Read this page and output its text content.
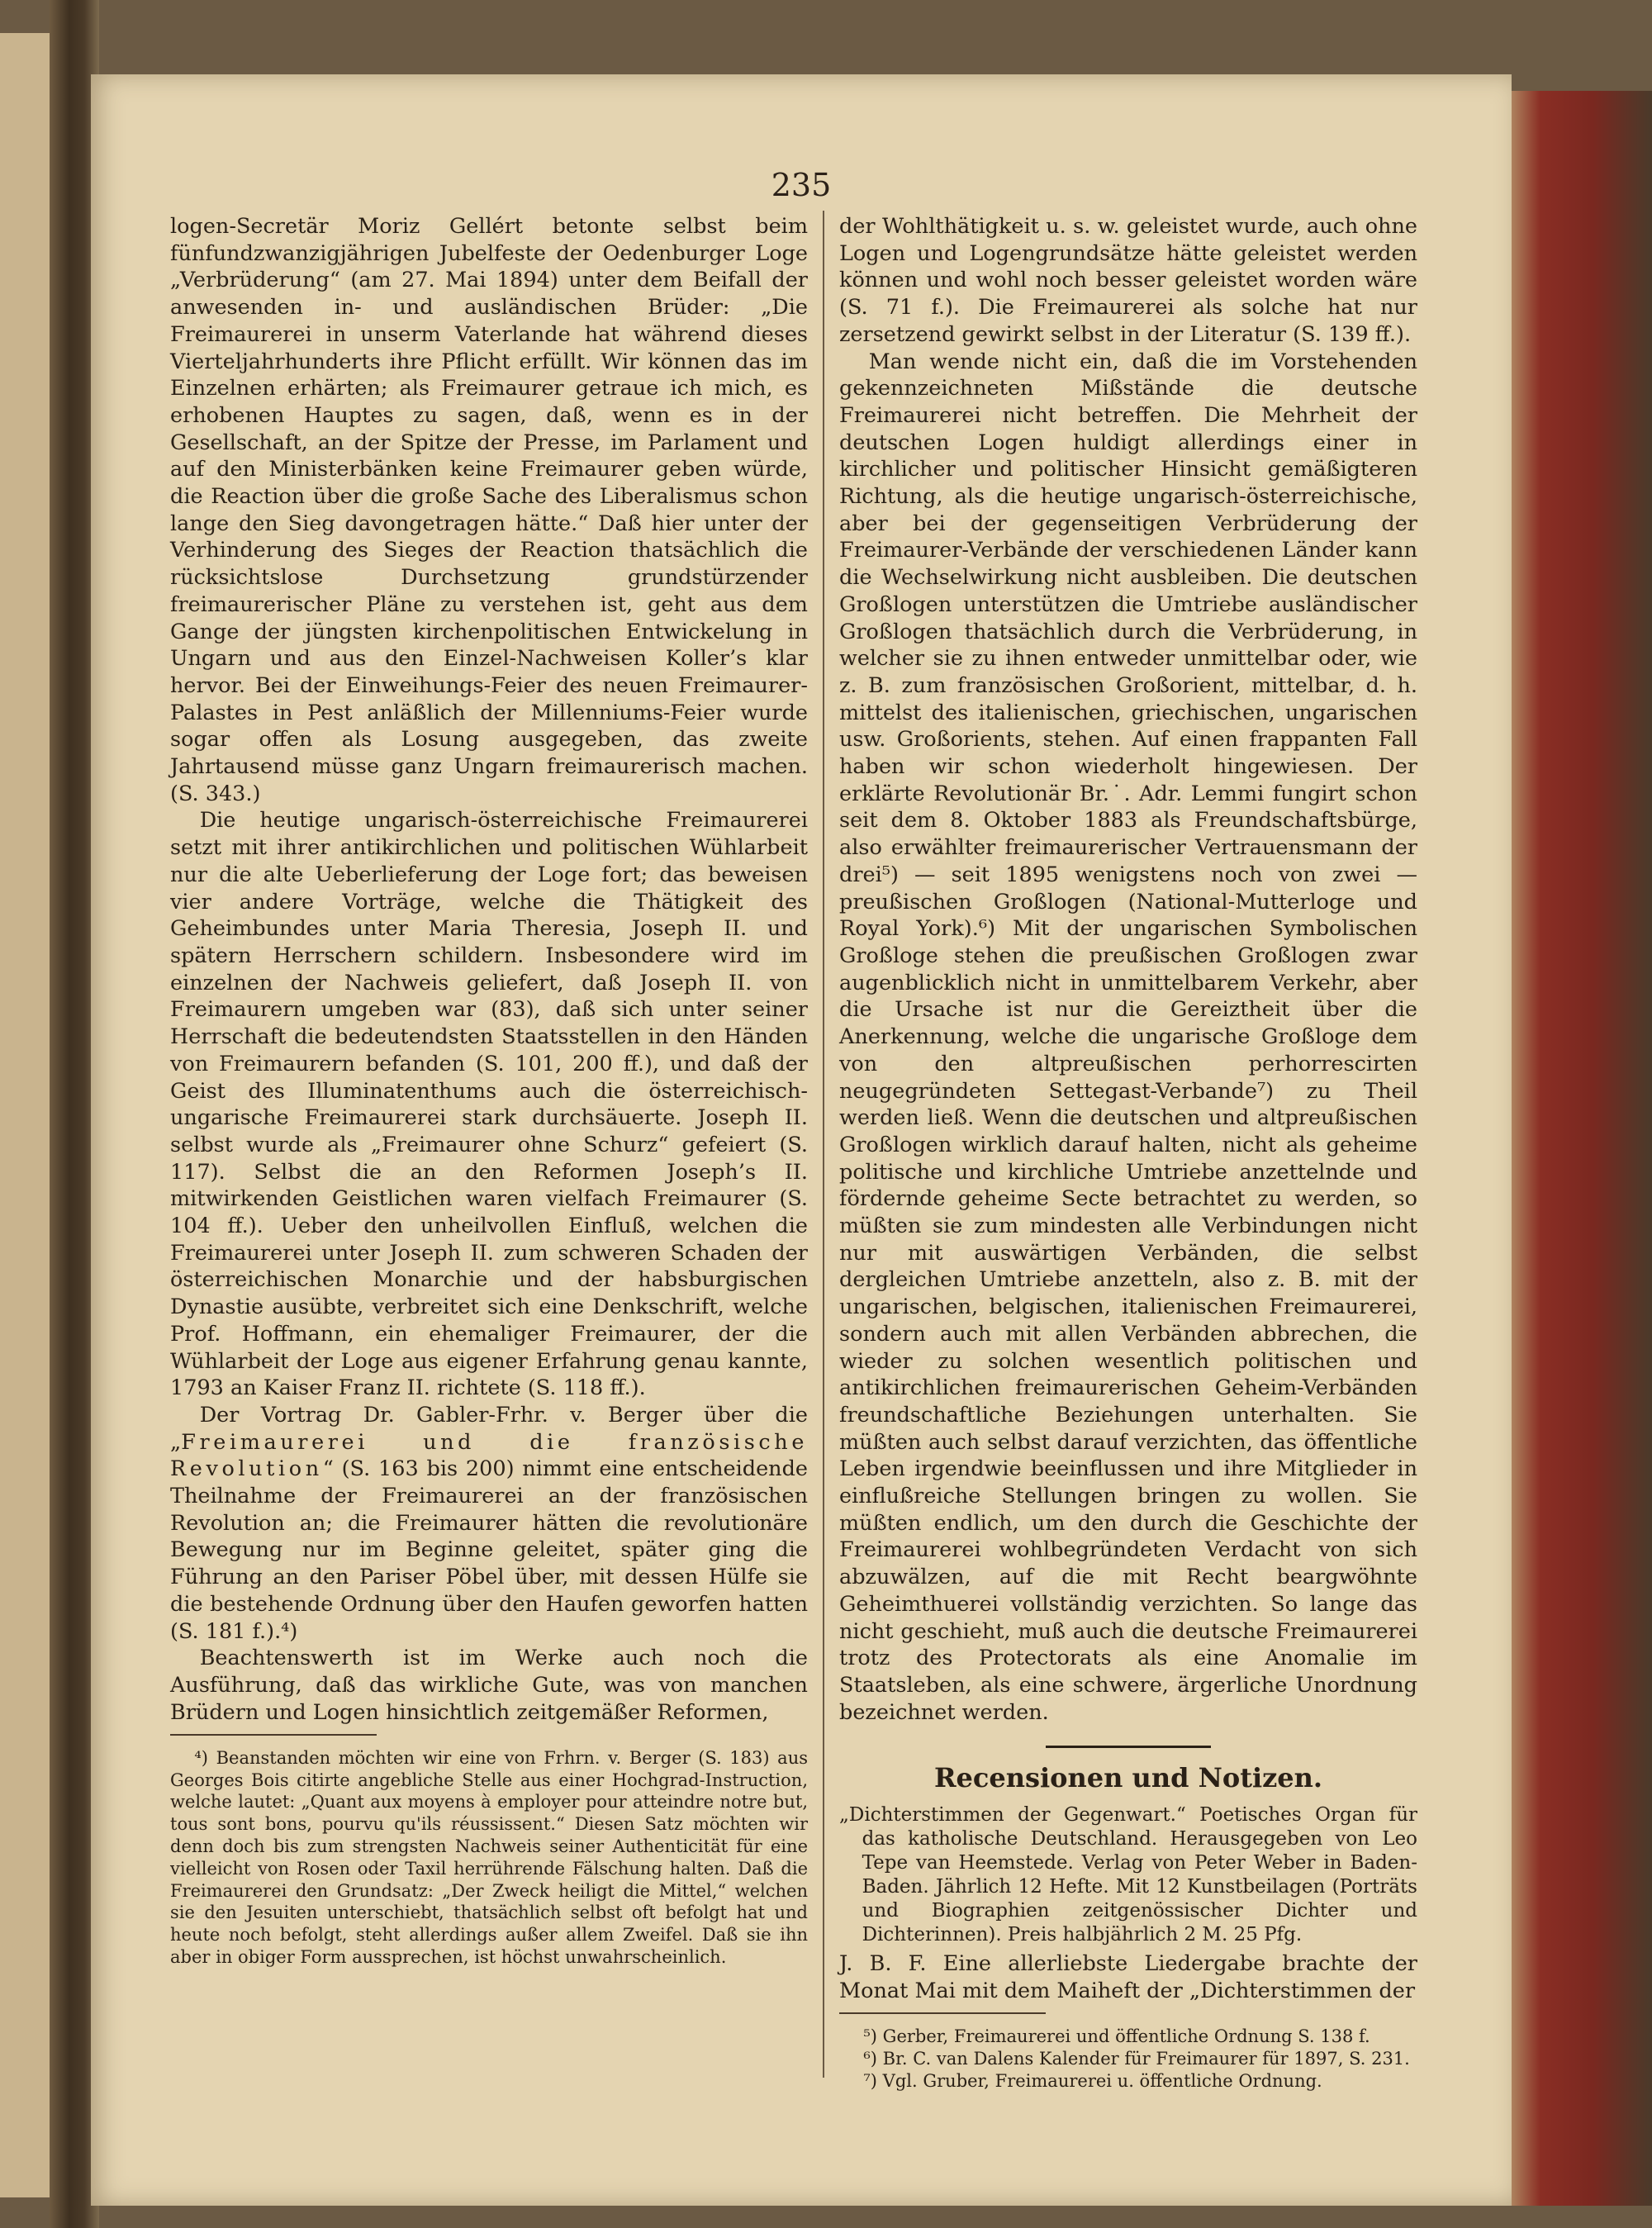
235

logen-Secretär Moriz Gellért betonte selbst beim fünfundzwanzigjährigen Jubelfeste der Oedenburger Loge „Verbrüderung“ (am 27. Mai 1894) unter dem Beifall der anwesenden in- und ausländischen Brüder: „Die Freimaurerei in unserm Vaterlande hat während dieses Vierteljahrhunderts ihre Pflicht erfüllt. Wir können das im Einzelnen erhärten; als Freimaurer getraue ich mich, es erhobenen Hauptes zu sagen, daß, wenn es in der Gesellschaft, an der Spitze der Presse, im Parlament und auf den Ministerbänken keine Freimaurer geben würde, die Reaction über die große Sache des Liberalismus schon lange den Sieg davongetragen hätte.“ Daß hier unter der Verhinderung des Sieges der Reaction thatsächlich die rücksichtslose Durchsetzung grundstürzender freimaurerischer Pläne zu verstehen ist, geht aus dem Gange der jüngsten kirchenpolitischen Entwickelung in Ungarn und aus den Einzel-Nachweisen Koller’s klar hervor. Bei der Einweihungs-Feier des neuen Freimaurer-Palastes in Pest anläßlich der Millenniums-Feier wurde sogar offen als Losung ausgegeben, das zweite Jahrtausend müsse ganz Ungarn freimaurerisch machen. (S. 343.)

Die heutige ungarisch-österreichische Freimaurerei setzt mit ihrer antikirchlichen und politischen Wühlarbeit nur die alte Ueberlieferung der Loge fort; das beweisen vier andere Vorträge, welche die Thätigkeit des Geheimbundes unter Maria Theresia, Joseph II. und spätern Herrschern schildern. Insbesondere wird im einzelnen der Nachweis geliefert, daß Joseph II. von Freimaurern umgeben war (83), daß sich unter seiner Herrschaft die bedeutendsten Staatsstellen in den Händen von Freimaurern befanden (S. 101, 200 ff.), und daß der Geist des Illuminatenthums auch die österreichisch-ungarische Freimaurerei stark durchsäuerte. Joseph II. selbst wurde als „Freimaurer ohne Schurz“ gefeiert (S. 117). Selbst die an den Reformen Joseph’s II. mitwirkenden Geistlichen waren vielfach Freimaurer (S. 104 ff.). Ueber den unheilvollen Einfluß, welchen die Freimaurerei unter Joseph II. zum schweren Schaden der österreichischen Monarchie und der habsburgischen Dynastie ausübte, verbreitet sich eine Denkschrift, welche Prof. Hoffmann, ein ehemaliger Freimaurer, der die Wühlarbeit der Loge aus eigener Erfahrung genau kannte, 1793 an Kaiser Franz II. richtete (S. 118 ff.).

Der Vortrag Dr. Gabler-Frhr. v. Berger über die „Freimaurerei und die französische Revolution“ (S. 163 bis 200) nimmt eine entscheidende Theilnahme der Freimaurerei an der französischen Revolution an; die Freimaurer hätten die revolutionäre Bewegung nur im Beginne geleitet, später ging die Führung an den Pariser Pöbel über, mit dessen Hülfe sie die bestehende Ordnung über den Haufen geworfen hatten (S. 181 f.).⁴)

Beachtenswerth ist im Werke auch noch die Ausführung, daß das wirkliche Gute, was von manchen Brüdern und Logen hinsichtlich zeitgemäßer Reformen,

⁴) Beanstanden möchten wir eine von Frhrn. v. Berger (S. 183) aus Georges Bois citirte angebliche Stelle aus einer Hochgrad-Instruction, welche lautet: „Quant aux moyens à employer pour atteindre notre but, tous sont bons, pourvu qu'ils réussissent.“ Diesen Satz möchten wir denn doch bis zum strengsten Nachweis seiner Authenticität für eine vielleicht von Rosen oder Taxil herrührende Fälschung halten. Daß die Freimaurerei den Grundsatz: „Der Zweck heiligt die Mittel,“ welchen sie den Jesuiten unterschiebt, thatsächlich selbst oft befolgt hat und heute noch befolgt, steht allerdings außer allem Zweifel. Daß sie ihn aber in obiger Form aussprechen, ist höchst unwahrscheinlich.

der Wohlthätigkeit u. s. w. geleistet wurde, auch ohne Logen und Logengrundsätze hätte geleistet werden können und wohl noch besser geleistet worden wäre (S. 71 f.). Die Freimaurerei als solche hat nur zersetzend gewirkt selbst in der Literatur (S. 139 ff.).

Man wende nicht ein, daß die im Vorstehenden gekennzeichneten Mißstände die deutsche Freimaurerei nicht betreffen. Die Mehrheit der deutschen Logen huldigt allerdings einer in kirchlicher und politischer Hinsicht gemäßigteren Richtung, als die heutige ungarisch-österreichische, aber bei der gegenseitigen Verbrüderung der Freimaurer-Verbände der verschiedenen Länder kann die Wechselwirkung nicht ausbleiben. Die deutschen Großlogen unterstützen die Umtriebe ausländischer Großlogen thatsächlich durch die Verbrüderung, in welcher sie zu ihnen entweder unmittelbar oder, wie z. B. zum französischen Großorient, mittelbar, d. h. mittelst des italienischen, griechischen, ungarischen usw. Großorients, stehen. Auf einen frappanten Fall haben wir schon wiederholt hingewiesen. Der erklärte Revolutionär Br.˙. Adr. Lemmi fungirt schon seit dem 8. Oktober 1883 als Freundschaftsbürge, also erwählter freimaurerischer Vertrauensmann der drei⁵) — seit 1895 wenigstens noch von zwei — preußischen Großlogen (National-Mutterloge und Royal York).⁶) Mit der ungarischen Symbolischen Großloge stehen die preußischen Großlogen zwar augenblicklich nicht in unmittelbarem Verkehr, aber die Ursache ist nur die Gereiztheit über die Anerkennung, welche die ungarische Großloge dem von den altpreußischen perhorrescirten neugegründeten Settegast-Verbande⁷) zu Theil werden ließ. Wenn die deutschen und altpreußischen Großlogen wirklich darauf halten, nicht als geheime politische und kirchliche Umtriebe anzettelnde und fördernde geheime Secte betrachtet zu werden, so müßten sie zum mindesten alle Verbindungen nicht nur mit auswärtigen Verbänden, die selbst dergleichen Umtriebe anzetteln, also z. B. mit der ungarischen, belgischen, italienischen Freimaurerei, sondern auch mit allen Verbänden abbrechen, die wieder zu solchen wesentlich politischen und antikirchlichen freimaurerischen Geheim-Verbänden freundschaftliche Beziehungen unterhalten. Sie müßten auch selbst darauf verzichten, das öffentliche Leben irgendwie beeinflussen und ihre Mitglieder in einflußreiche Stellungen bringen zu wollen. Sie müßten endlich, um den durch die Geschichte der Freimaurerei wohlbegründeten Verdacht von sich abzuwälzen, auf die mit Recht beargwöhnte Geheimthuerei vollständig verzichten. So lange das nicht geschieht, muß auch die deutsche Freimaurerei trotz des Protectorats als eine Anomalie im Staatsleben, als eine schwere, ärgerliche Unordnung bezeichnet werden.

Recensionen und Notizen.

„Dichterstimmen der Gegenwart.“ Poetisches Organ für das katholische Deutschland. Herausgegeben von Leo Tepe van Heemstede. Verlag von Peter Weber in Baden-Baden. Jährlich 12 Hefte. Mit 12 Kunstbeilagen (Porträts und Biographien zeitgenössischer Dichter und Dichterinnen). Preis halbjährlich 2 M. 25 Pfg.

J. B. F. Eine allerliebste Liedergabe brachte der Monat Mai mit dem Maiheft der „Dichterstimmen der

⁵) Gerber, Freimaurerei und öffentliche Ordnung S. 138 f.

⁶) Br. C. van Dalens Kalender für Freimaurer für 1897, S. 231.

⁷) Vgl. Gruber, Freimaurerei u. öffentliche Ordnung.
